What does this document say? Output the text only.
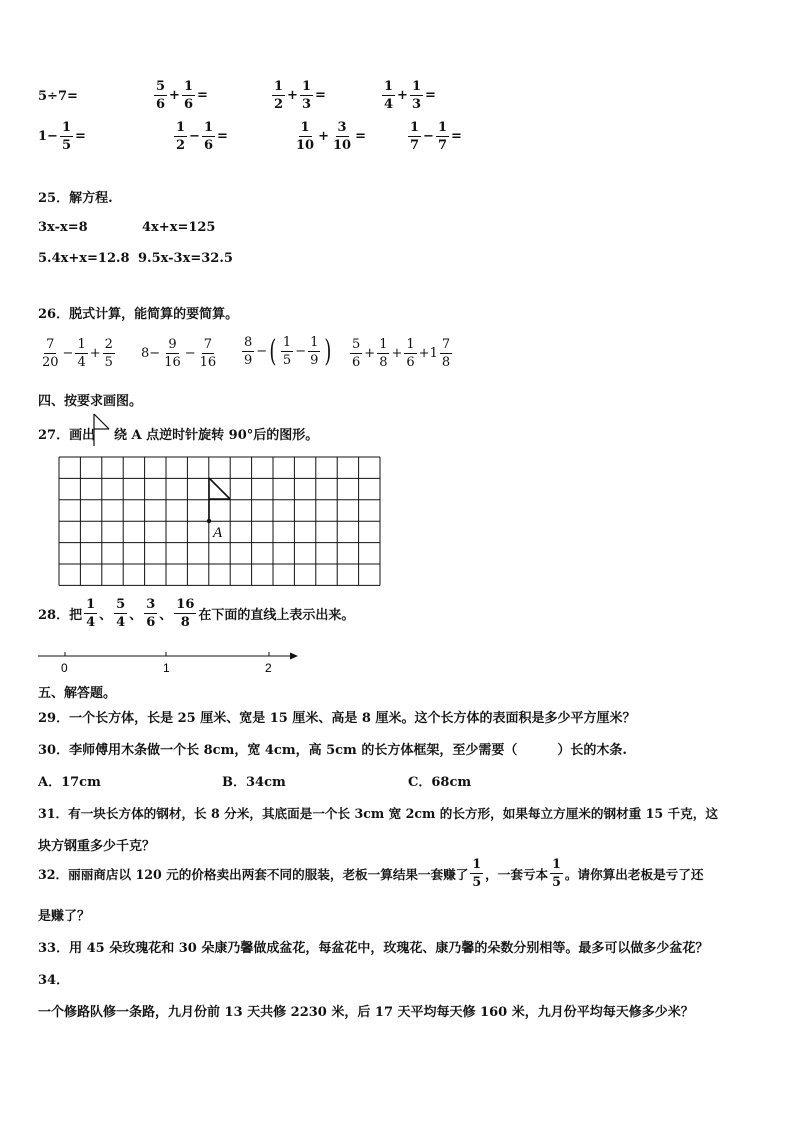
5÷7=	$\frac{5}{6} + \frac{1}{6}$ =	$\frac{1}{2} + \frac{1}{3}$ =	$\frac{1}{4} + \frac{1}{3}$ =
$1 - \frac{1}{5}$ =	$\frac{1}{2} - \frac{1}{6}$ =	$\frac{1}{10} + \frac{3}{10}$ =	$\frac{1}{7} - \frac{1}{7}$ =
25．解方程.
3x-x=8	4x+x=125
5.4x+x=12.8 9.5x-3x=32.5
26．脱式计算，能简算的要简算。
$\frac{7}{20} - \frac{1}{4} + \frac{2}{5} 8 - \frac{9}{16} - \frac{7}{16} \frac{8}{9}$ − ( $\frac{1}{5} - \frac{1}{9}$ ) $\frac{5}{6} + \frac{1}{8} + \frac{1}{6} + 1 \frac{7}{8}$
四、按要求画图。
27．画出 绕 A 点逆时针旋转 90°后的图形。
A
28．把 $\frac{1}{4}$ 、 $\frac{5}{4}$ 、 $\frac{3}{6}$ 、 $\frac{16}{8}$ 在下面的直线上表示出来。
0	1	2
五、解答题。
29．一个长方体，长是 25 厘米、宽是 15 厘米、高是 8 厘米。这个长方体的表面积是多少平方厘米？
30．李师傅用木条做一个长 8cm，宽 4cm，高 5cm 的长方体框架，至少需要（	）长的木条.
A．17cm	B．34cm	C．68cm
31．有一块长方体的钢材，长 8 分米，其底面是一个长 3cm 宽 2cm 的长方形，如果每立方厘米的钢材重 15 千克，这
块方钢重多少千克？
32．丽丽商店以 120 元的价格卖出两套不同的服装，老板一算结果一套赚了 $\frac{1}{5}$ ，一套亏本 $\frac{1}{5}$ 。请你算出老板是亏了还
是赚了？
33．用 45 朵玫瑰花和 30 朵康乃馨做成盆花，每盆花中，玫瑰花、康乃馨的朵数分别相等。最多可以做多少盆花？
34．
一个修路队修一条路，九月份前 13 天共修 2230 米，后 17 天平均每天修 160 米，九月份平均每天修多少米？
